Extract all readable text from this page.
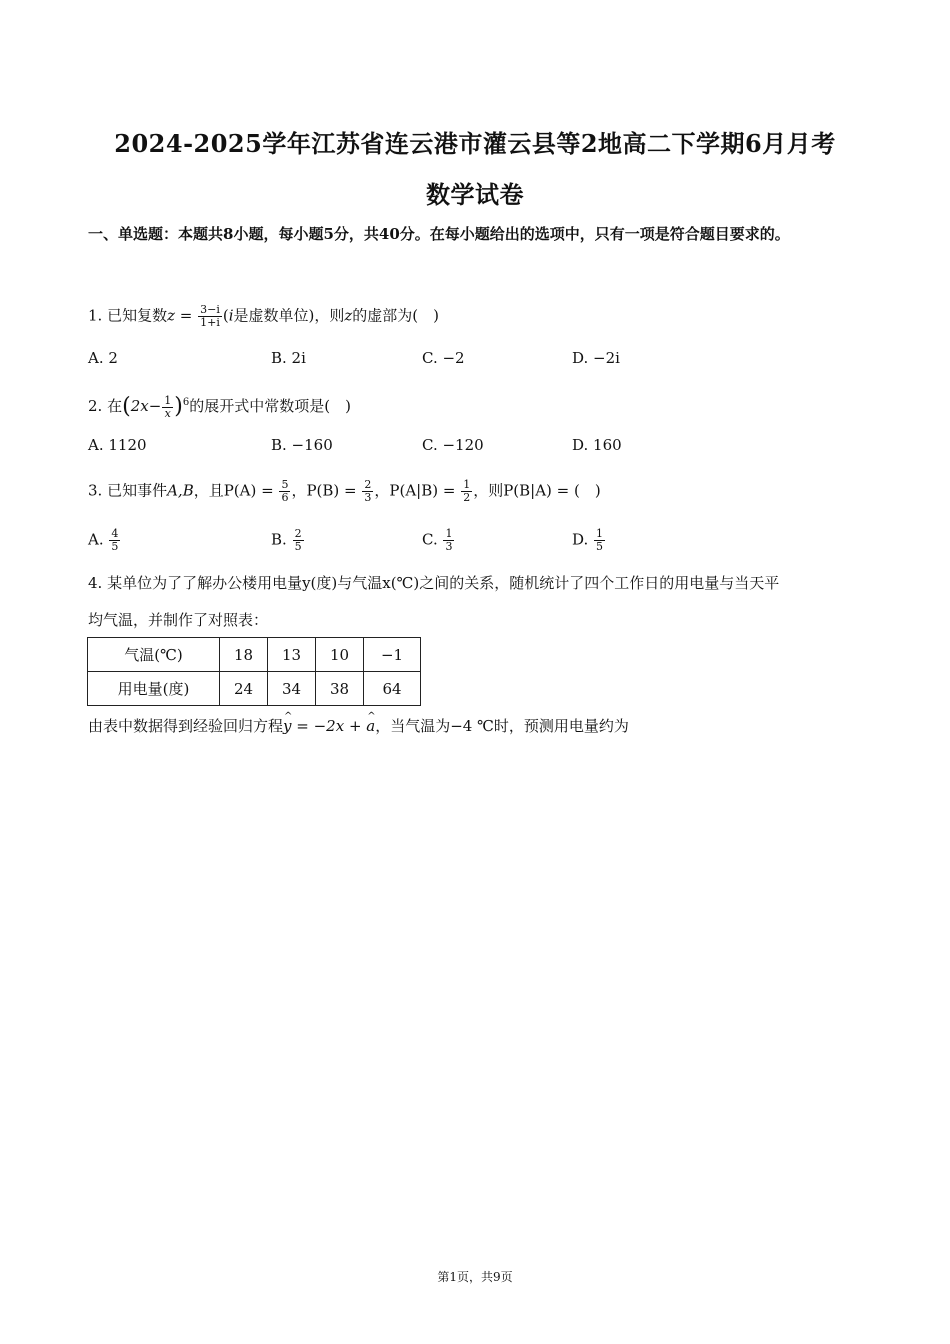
2024-2025学年江苏省连云港市灌云县等2地高二下学期6月月考
数学试卷
一、单选题：本题共8小题，每小题5分，共40分。在每小题给出的选项中，只有一项是符合题目要求的。
1. 已知复数$z = \frac{3-i}{1+i} (i$是虚数单位)，则z的虚部为(　)
A. 2	B. 2i	C. −2	D. −2i
2. 在$(2x- \frac{1}{x} )^6$的展开式中常数项是(　)
A. 1120	B. −160	C. −120	D. 160
3. 已知事件A,B，且$P(A) = \frac{5}{6}$ ，$P(B) = \frac{2}{3}$ ，$P(A|B) = \frac{1}{2}$ ，则P(B|A) = (　)
A. $\frac{4}{5}$	B. $\frac{2}{5}$	C. $\frac{1}{3}$	D. $\frac{1}{5}$
4. 某单位为了了解办公楼用电量y(度)与气温x(℃)之间的关系，随机统计了四个工作日的用电量与当天平
均气温，并制作了对照表：
气温(℃)	18	13	10	−1
用电量(度)	24	34	38	64
由表中数据得到经验回归方程^ y = −2x + ^ a，当气温为−4 ℃时，预测用电量约为
第1页，共9页
